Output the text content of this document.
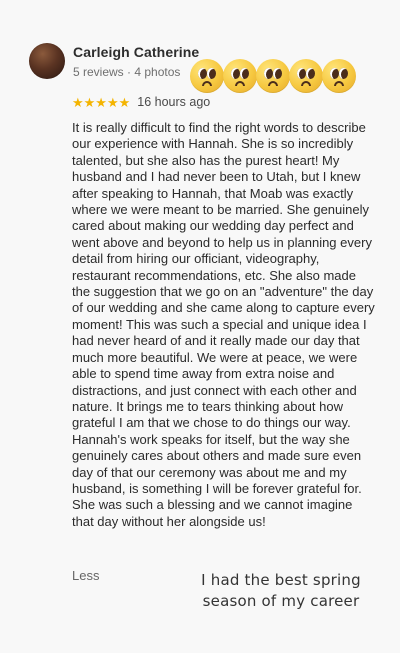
Carleigh Catherine
5 reviews · 4 photos
★★★★★ 16 hours ago
It is really difficult to find the right words to describe our experience with Hannah. She is so incredibly talented, but she also has the purest heart! My husband and I had never been to Utah, but I knew after speaking to Hannah, that Moab was exactly where we were meant to be married. She genuinely cared about making our wedding day perfect and went above and beyond to help us in planning every detail from hiring our officiant, videography, restaurant recommendations, etc. She also made the suggestion that we go on an "adventure" the day of our wedding and she came along to capture every moment! This was such a special and unique idea I had never heard of and it really made our day that much more beautiful. We were at peace, we were able to spend time away from extra noise and distractions, and just connect with each other and nature. It brings me to tears thinking about how grateful I am that we chose to do things our way. Hannah's work speaks for itself, but the way she genuinely cares about others and made sure even day of that our ceremony was about me and my husband, is something I will be forever grateful for. She was such a blessing and we cannot imagine that day without her alongside us!
Less	I had the best spring
season of my career
